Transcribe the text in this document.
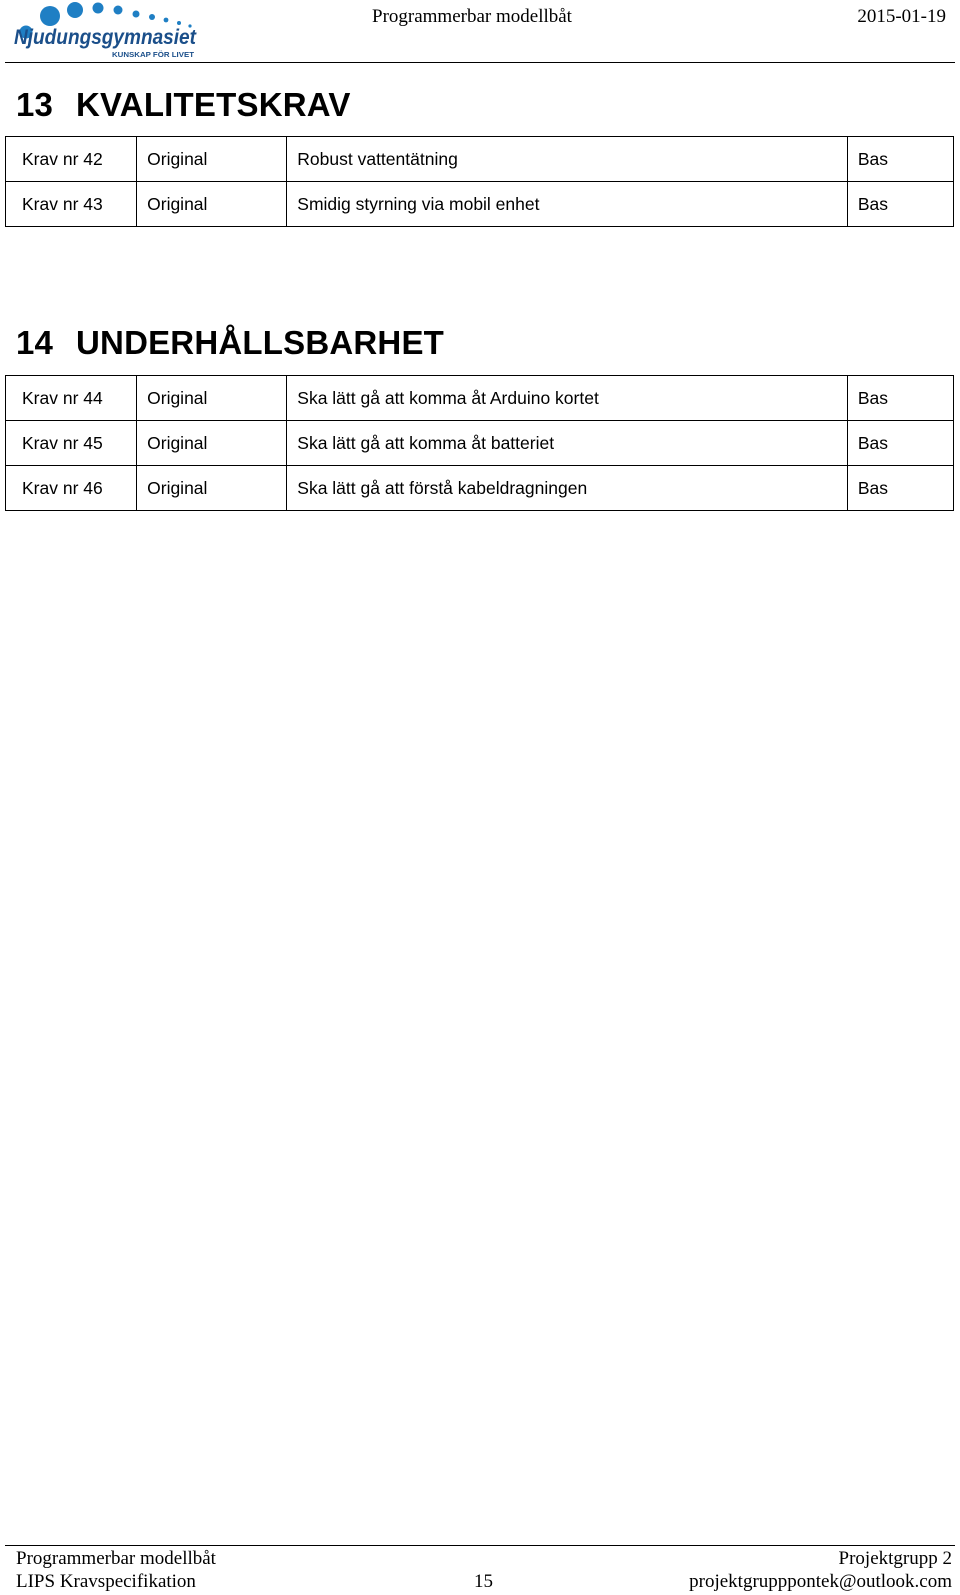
Njudungsgymnasiet
KUNSKAP FÖR LIVET
Programmerbar modellbåt	2015-01-19
13 KVALITETSKRAV
Krav nr 42	Original	Robust vattentätning	Bas
Krav nr 43	Original	Smidig styrning via mobil enhet	Bas
14 UNDERHÅLLSBARHET
Krav nr 44	Original	Ska lätt gå att komma åt Arduino kortet	Bas
Krav nr 45	Original	Ska lätt gå att komma åt batteriet	Bas
Krav nr 46	Original	Ska lätt gå att förstå kabeldragningen	Bas
Programmerbar modellbåt
LIPS Kravspecifikation	15
Projektgrupp 2
projektgrupppontek@outlook.com
